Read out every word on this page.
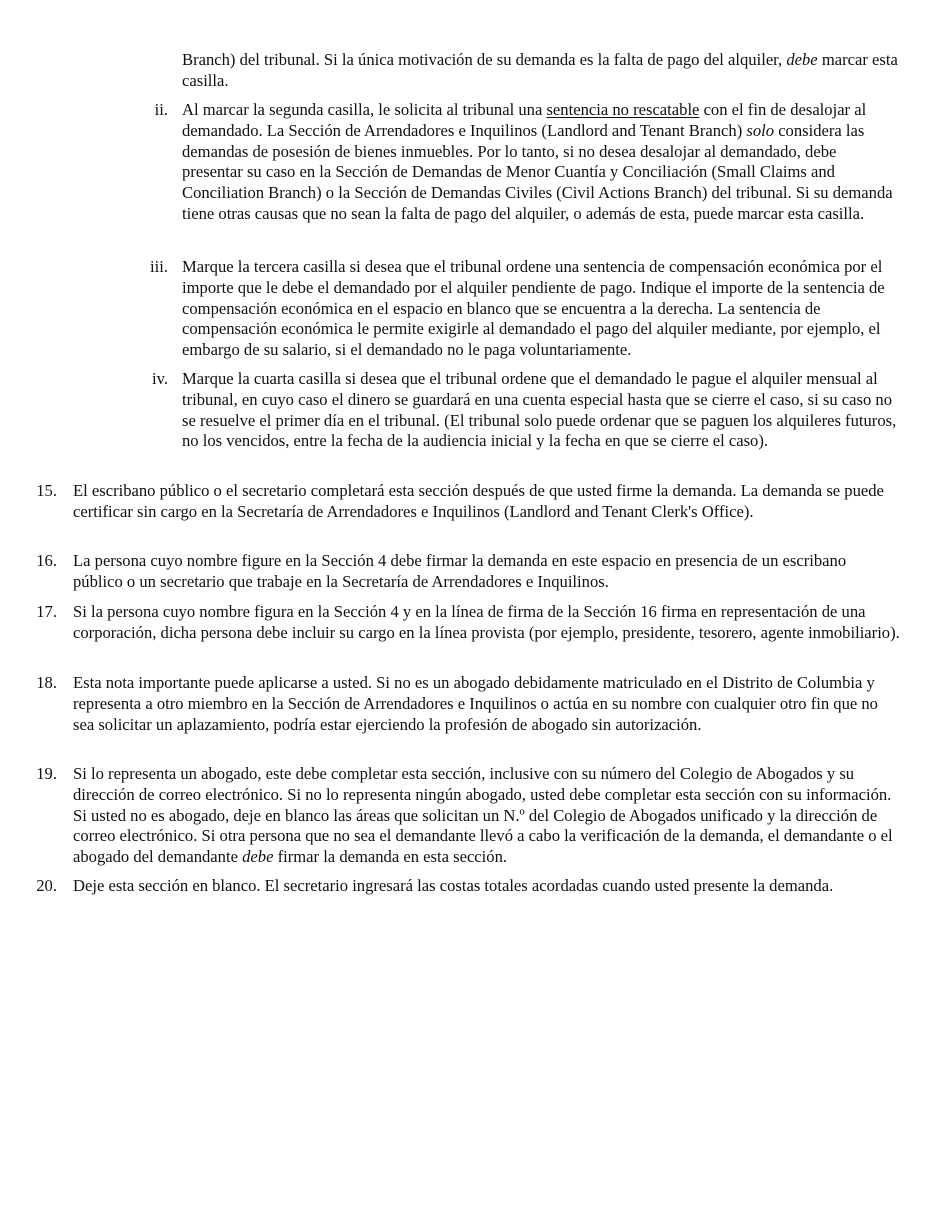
Branch) del tribunal. Si la única motivación de su demanda es la falta de pago del alquiler, debe marcar esta casilla.
ii. Al marcar la segunda casilla, le solicita al tribunal una sentencia no rescatable con el fin de desalojar al demandado. La Sección de Arrendadores e Inquilinos (Landlord and Tenant Branch) solo considera las demandas de posesión de bienes inmuebles. Por lo tanto, si no desea desalojar al demandado, debe presentar su caso en la Sección de Demandas de Menor Cuantía y Conciliación (Small Claims and Conciliation Branch) o la Sección de Demandas Civiles (Civil Actions Branch) del tribunal. Si su demanda tiene otras causas que no sean la falta de pago del alquiler, o además de esta, puede marcar esta casilla.
iii. Marque la tercera casilla si desea que el tribunal ordene una sentencia de compensación económica por el importe que le debe el demandado por el alquiler pendiente de pago. Indique el importe de la sentencia de compensación económica en el espacio en blanco que se encuentra a la derecha. La sentencia de compensación económica le permite exigirle al demandado el pago del alquiler mediante, por ejemplo, el embargo de su salario, si el demandado no le paga voluntariamente.
iv. Marque la cuarta casilla si desea que el tribunal ordene que el demandado le pague el alquiler mensual al tribunal, en cuyo caso el dinero se guardará en una cuenta especial hasta que se cierre el caso, si su caso no se resuelve el primer día en el tribunal. (El tribunal solo puede ordenar que se paguen los alquileres futuros, no los vencidos, entre la fecha de la audiencia inicial y la fecha en que se cierre el caso).
15. El escribano público o el secretario completará esta sección después de que usted firme la demanda. La demanda se puede certificar sin cargo en la Secretaría de Arrendadores e Inquilinos (Landlord and Tenant Clerk's Office).
16. La persona cuyo nombre figure en la Sección 4 debe firmar la demanda en este espacio en presencia de un escribano público o un secretario que trabaje en la Secretaría de Arrendadores e Inquilinos.
17. Si la persona cuyo nombre figura en la Sección 4 y en la línea de firma de la Sección 16 firma en representación de una corporación, dicha persona debe incluir su cargo en la línea provista (por ejemplo, presidente, tesorero, agente inmobiliario).
18. Esta nota importante puede aplicarse a usted. Si no es un abogado debidamente matriculado en el Distrito de Columbia y representa a otro miembro en la Sección de Arrendadores e Inquilinos o actúa en su nombre con cualquier otro fin que no sea solicitar un aplazamiento, podría estar ejerciendo la profesión de abogado sin autorización.
19. Si lo representa un abogado, este debe completar esta sección, inclusive con su número del Colegio de Abogados y su dirección de correo electrónico. Si no lo representa ningún abogado, usted debe completar esta sección con su información. Si usted no es abogado, deje en blanco las áreas que solicitan un N.º del Colegio de Abogados unificado y la dirección de correo electrónico. Si otra persona que no sea el demandante llevó a cabo la verificación de la demanda, el demandante o el abogado del demandante debe firmar la demanda en esta sección.
20. Deje esta sección en blanco. El secretario ingresará las costas totales acordadas cuando usted presente la demanda.
